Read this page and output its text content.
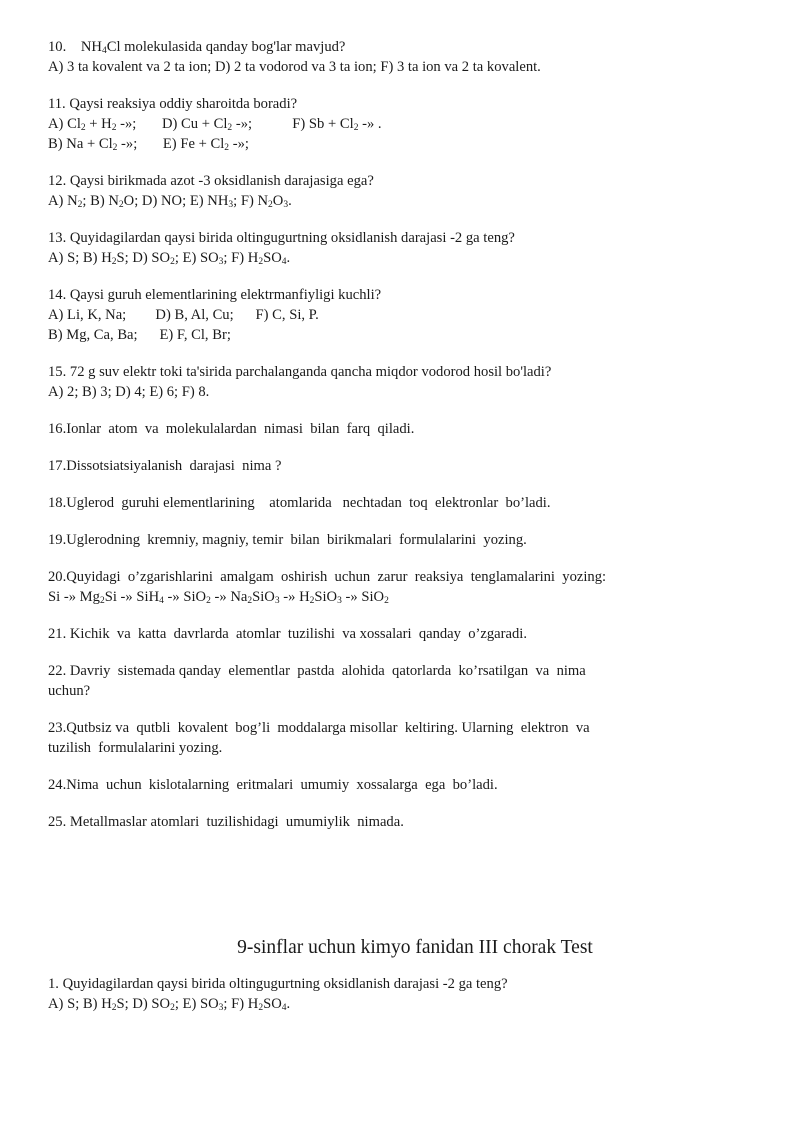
10. $NH_4Cl$ molekulasida qanday bog'lar mavjud?
A) 3 ta kovalent va 2 ta ion; D) 2 ta vodorod va 3 ta ion; F) 3 ta ion va 2 ta kovalent.
11. Qaysi reaksiya oddiy sharoitda boradi?
A) $Cl_2 + H_2$ -»; D) $Cu + Cl_2$ -»;	F) $Sb + Cl_2$ -» .
B) $Na + Cl_2$ -»; E) $Fe + Cl_2$ -»;
12. Qaysi birikmada azot -3 oksidlanish darajasiga ega?
A) $N_2$; B) $N_2O$; D) NO; E) $NH_3$; F) $N_2O_3$.
13. Quyidagilardan qaysi birida oltingugurtning oksidlanish darajasi -2 ga teng?
A) S; B) $H_2S$; D) $SO_2$; E) $SO_3$; F) $H_2SO_4$.
14. Qaysi guruh elementlarining elektrmanfiyligi kuchli?
A) Li, K, Na;        D) B, Al, Cu;      F) C, Si, P.
B) Mg, Ca, Ba;      E) F, Cl, Br;
15. 72 g suv elektr toki ta'sirida parchalanganda qancha miqdor vodorod hosil bo'ladi?
A) 2; B) 3; D) 4; E) 6; F) 8.
16.Ionlar  atom  va  molekulalardan  nimasi  bilan  farq  qiladi.
17.Dissotsiatsiyalanish  darajasi  nima ?
18.Uglerod  guruhi elementlarining    atomlarida   nechtadan  toq  elektronlar  bo’ladi.
19.Uglerodning  kremniy, magniy, temir  bilan  birikmalari  formulalarini  yozing.
20.Quyidagi  o’zgarishlarini  amalgam  oshirish  uchun  zarur  reaksiya  tenglamalarini  yozing:
Si -» $Mg_2Si$ -» SiH$_4$ -» SiO$_2$ -» $Na_2SiO_3$ -» $H_2SiO_3$ -» SiO$_2$
21. Kichik  va  katta  davrlarda  atomlar  tuzilishi  va xossalari  qanday  o’zgaradi.
22. Davriy  sistemada qanday  elementlar  pastda  alohida  qatorlarda  ko’rsatilgan  va  nima
uchun?
23.Qutbsiz va  qutbli  kovalent  bog’li  moddalarga misollar  keltiring. Ularning  elektron  va
tuzilish  formulalarini yozing.
24.Nima  uchun  kislotalarning  eritmalari  umumiy  xossalarga  ega  bo’ladi.
25. Metallmaslar atomlari  tuzilishidagi  umumiylik  nimada.

9-sinflar uchun kimyo fanidan III chorak Test

1. Quyidagilardan qaysi birida oltingugurtning oksidlanish darajasi -2 ga teng?
A) S; B) $H_2S$; D) $SO_2$; E) $SO_3$; F) $H_2SO_4$.
